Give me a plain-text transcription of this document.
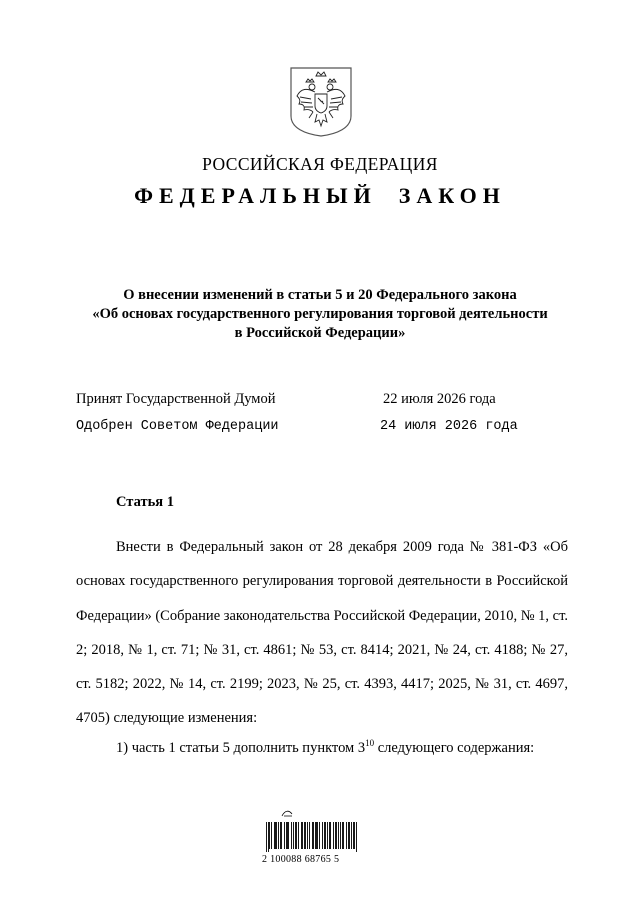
РОССИЙСКАЯ ФЕДЕРАЦИЯ
ФЕДЕРАЛЬНЫЙ ЗАКОН
О внесении изменений в статьи 5 и 20 Федерального закона
«Об основах государственного регулирования торговой деятельности
в Российской Федерации»
Принят Государственной Думой	22 июля 2026 года
Одобрен Советом Федерации	24 июля 2026 года
Статья 1

Внести в Федеральный закон от 28 декабря 2009 года № 381-ФЗ «Об основах государственного регулирования торговой деятельности в Российской Федерации» (Собрание законодательства Российской Федерации, 2010, № 1, ст. 2; 2018, № 1, ст. 71; № 31, ст. 4861; № 53, ст. 8414; 2021, № 24, ст. 4188; № 27, ст. 5182; 2022, № 14, ст. 2199; 2023, № 25, ст. 4393, 4417; 2025, № 31, ст. 4697, 4705) следующие изменения:

1) часть 1 статьи 5 дополнить пунктом $3^{10}$ следующего содержания:
2 100088 68765 5
